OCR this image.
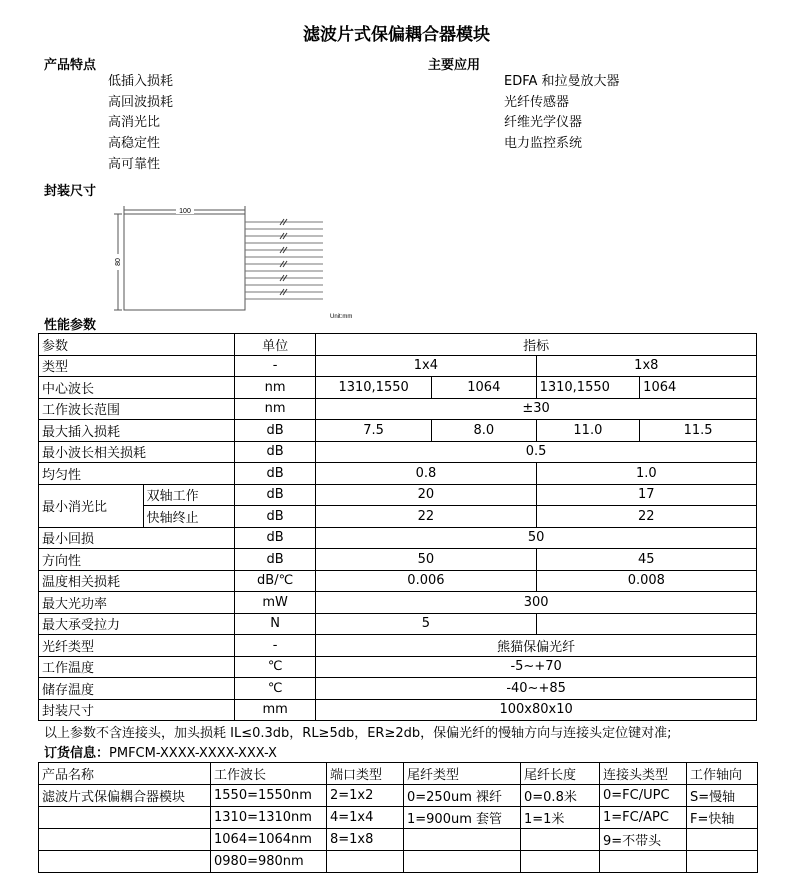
滤波片式保偏耦合器模块
产品特点
低插入损耗
高回波损耗
高消光比
高稳定性
高可靠性
主要应用
EDFA 和拉曼放大器
光纤传感器
纤维光学仪器
电力监控系统
封装尺寸
100
80
Unit:mm
性能参数
参数		单位	指标			
类型		-	1x4		1x8	
中心波长		nm	1310,1550	1064	1310,1550	1064
工作波长范围		nm	±30			
最大插入损耗		dB	7.5	8.0	11.0	11.5
最小波长相关损耗		dB	0.5			
均匀性		dB	0.8		1.0	
最小消光比	双轴工作	dB	20		17	
	快轴终止	dB	22		22	
最小回损		dB	50			
方向性		dB	50		45	
温度相关损耗		dB/℃	0.006		0.008	
最大光功率		mW	300			
最大承受拉力		N	5			
光纤类型		-	熊猫保偏光纤			
工作温度		℃	-5~+70			
储存温度		℃	-40~+85			
封装尺寸		mm	100x80x10			
以上参数不含连接头，加头损耗 IL≤0.3db，RL≥5db，ER≥2db，保偏光纤的慢轴方向与连接头定位键对准;
订货信息：PMFCM-XXXX-XXXX-XXX-X
产品名称	工作波长	端口类型	尾纤类型	尾纤长度	连接头类型	工作轴向
滤波片式保偏耦合器模块	1550=1550nm	2=1x2	0=250um 裸纤	0=0.8米	0=FC/UPC	S=慢轴
	1310=1310nm	4=1x4	1=900um 套管	1=1米	1=FC/APC	F=快轴
	1064=1064nm	8=1x8			9=不带头	
	0980=980nm					
